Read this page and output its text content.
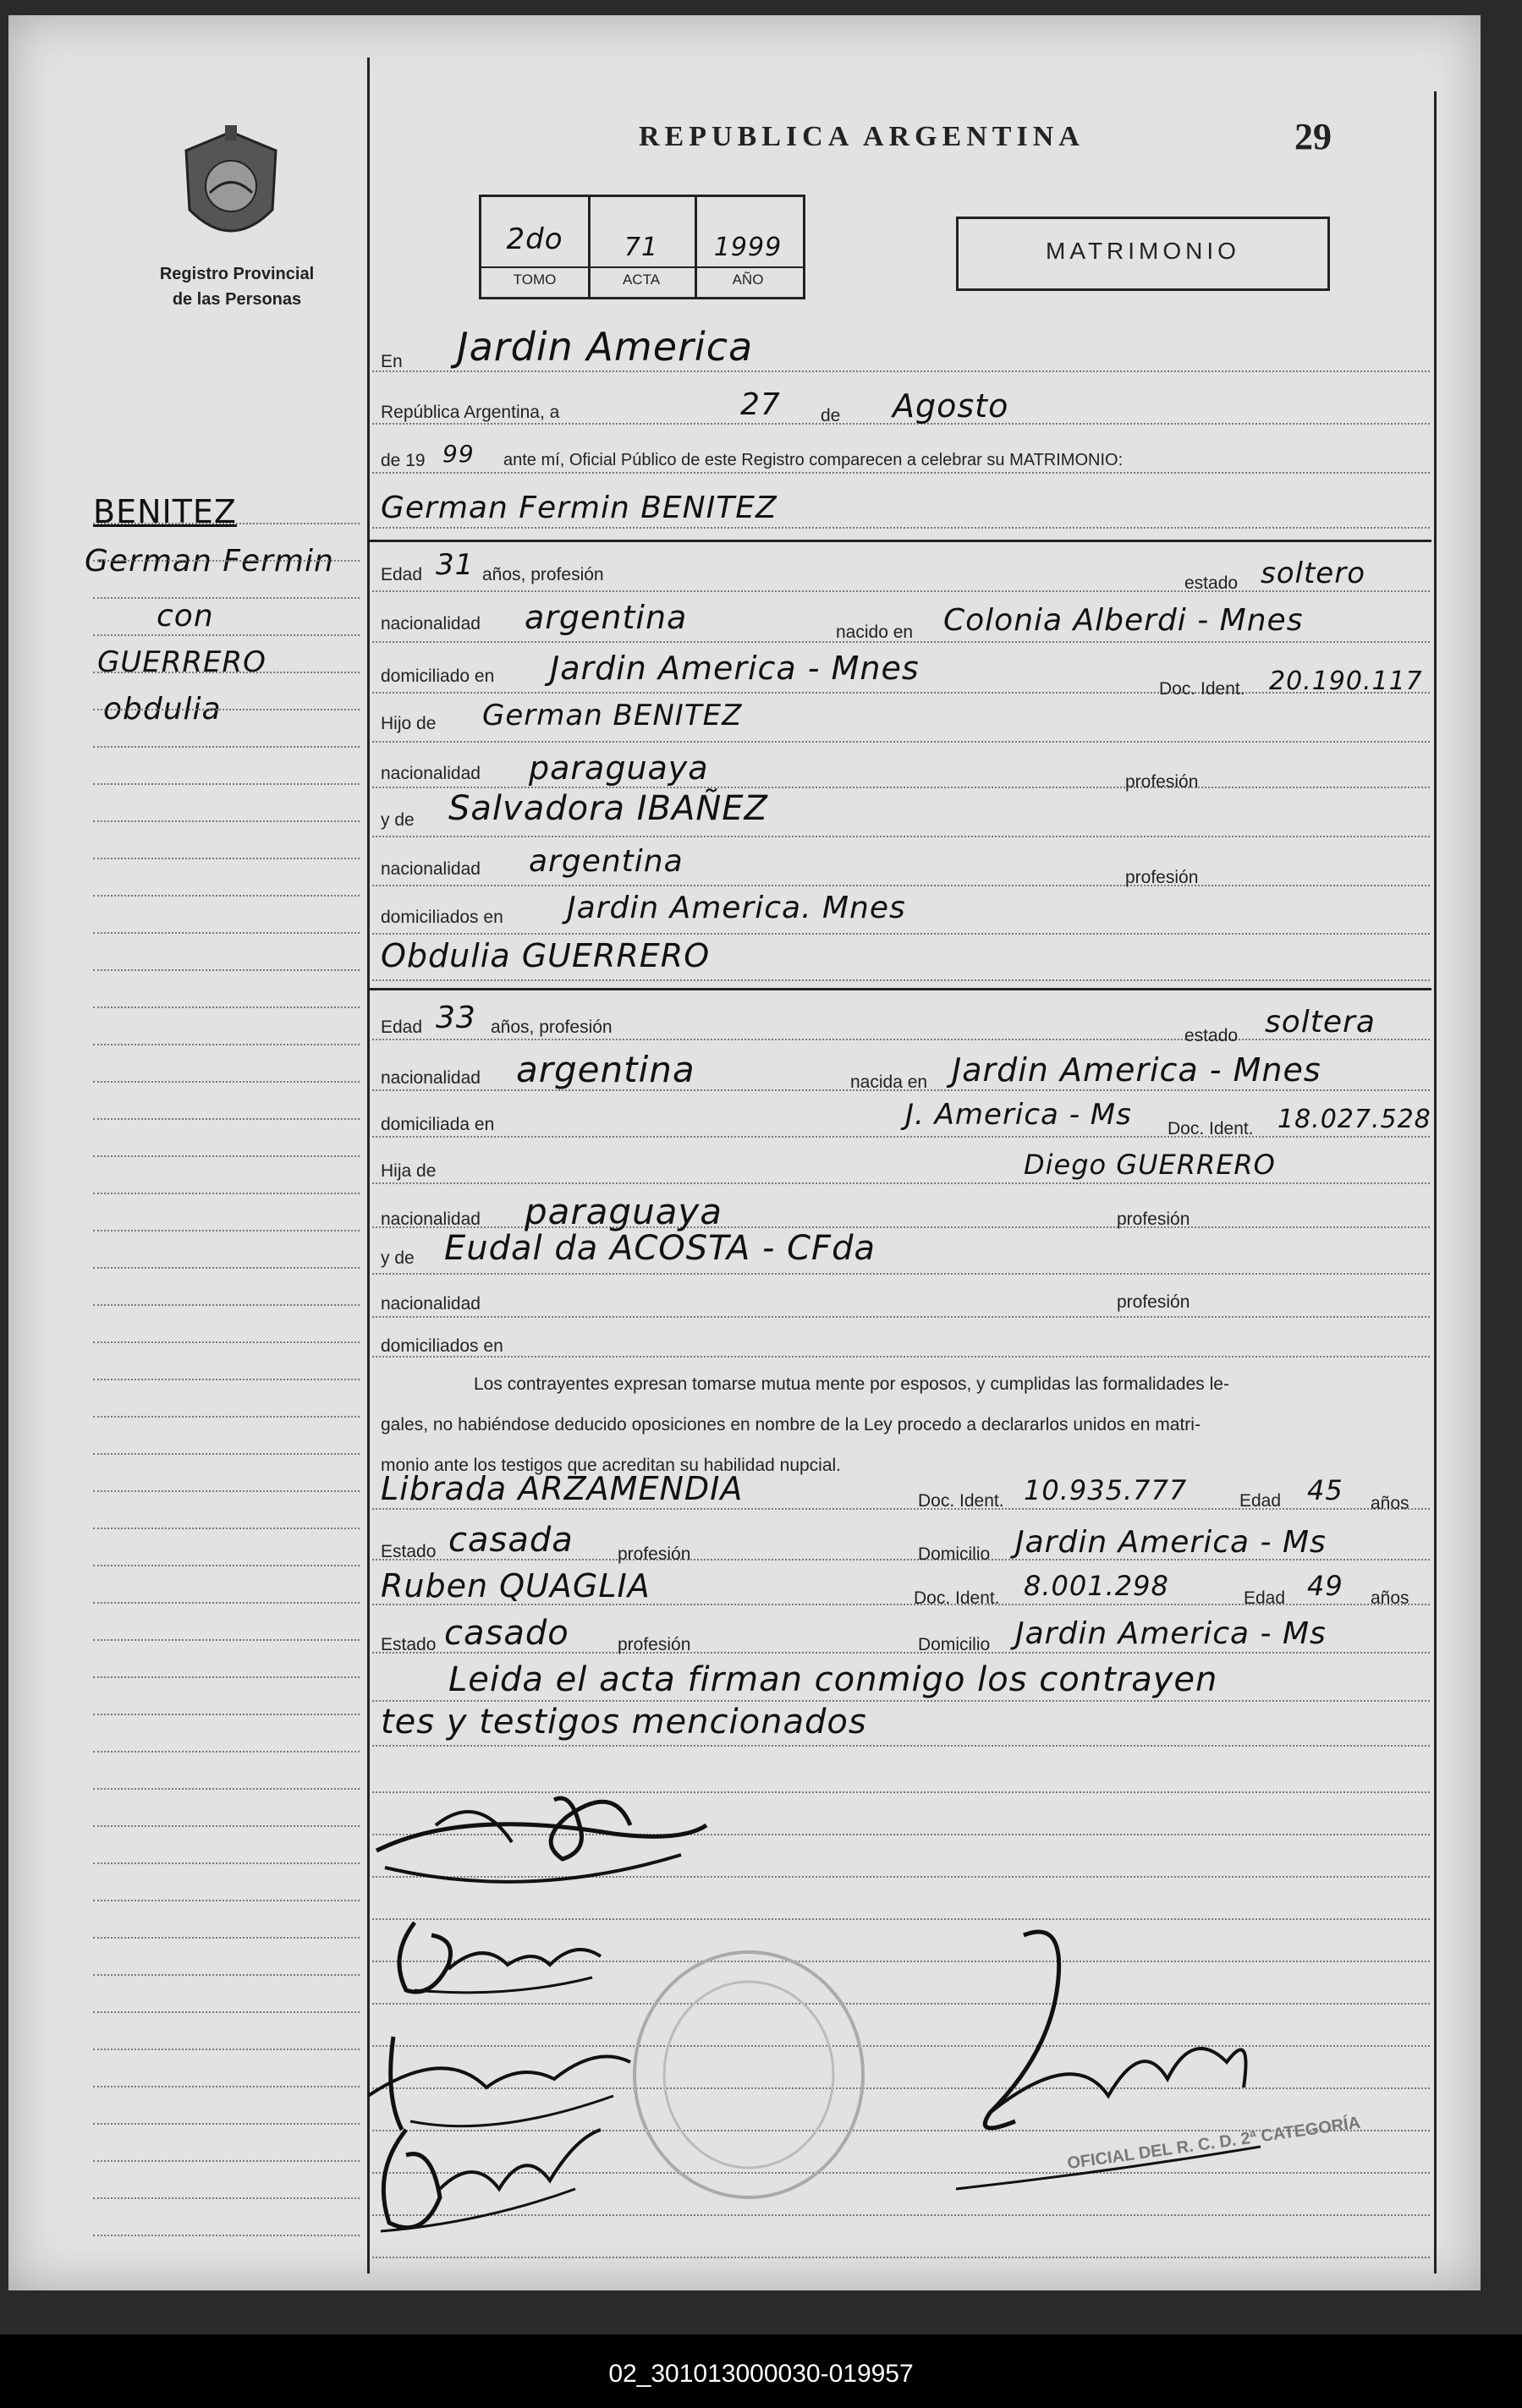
Registro Provincial
de las Personas
REPUBLICA ARGENTINA	29
2do	71	1999
TOMO	ACTA	AÑO
MATRIMONIO
BENITEZ
German Fermin
con
GUERRERO
obdulia
En Jardin America
República Argentina, a	27 de Agosto
de 19 99 ante mí, Oficial Público de este Registro comparecen a celebrar su MATRIMONIO:
German Fermin BENITEZ
Edad 31 años, profesión	estado soltero
nacionalidad argentina	nacido en Colonia Alberdi - Mnes
domiciliado en Jardin America - Mnes
Doc. Ident. 20.190.117
Hijo de German BENITEZ
nacionalidad paraguaya	profesión
y de Salvadora IBAÑEZ
nacionalidad argentina	profesión
domiciliados en Jardin America. Mnes
Obdulia GUERRERO
Edad 33 años, profesión	estado soltera
nacionalidad argentina	nacida en Jardin America - Mnes
domiciliada en	J. America - Ms Doc. Ident. 18.027.528
Hija de	Diego GUERRERO
nacionalidad paraguaya	profesión
y de Eudal da ACOSTA - CFda
nacionalidad	profesión
domiciliados en
Los contrayentes expresan tomarse mutua mente por esposos, y cumplidas las formalidades le-
gales, no habiéndose deducido oposiciones en nombre de la Ley procedo a declararlos unidos en matri-
monio ante los testigos que acreditan su habilidad nupcial.
Librada ARZAMENDIA	Doc. Ident. 10.935.777	Edad 45 años
Estado casada profesión	Domicilio Jardin America - Ms
Ruben QUAGLIA	Doc. Ident. 8.001.298	Edad 49 años
Estado casado	profesión	Domicilio Jardin America - Ms
Leida el acta firman conmigo los contrayen
tes y testigos mencionados
OFICIAL DEL R. C. D. 2ª CATEGORÍA
02_301013000030-019957
